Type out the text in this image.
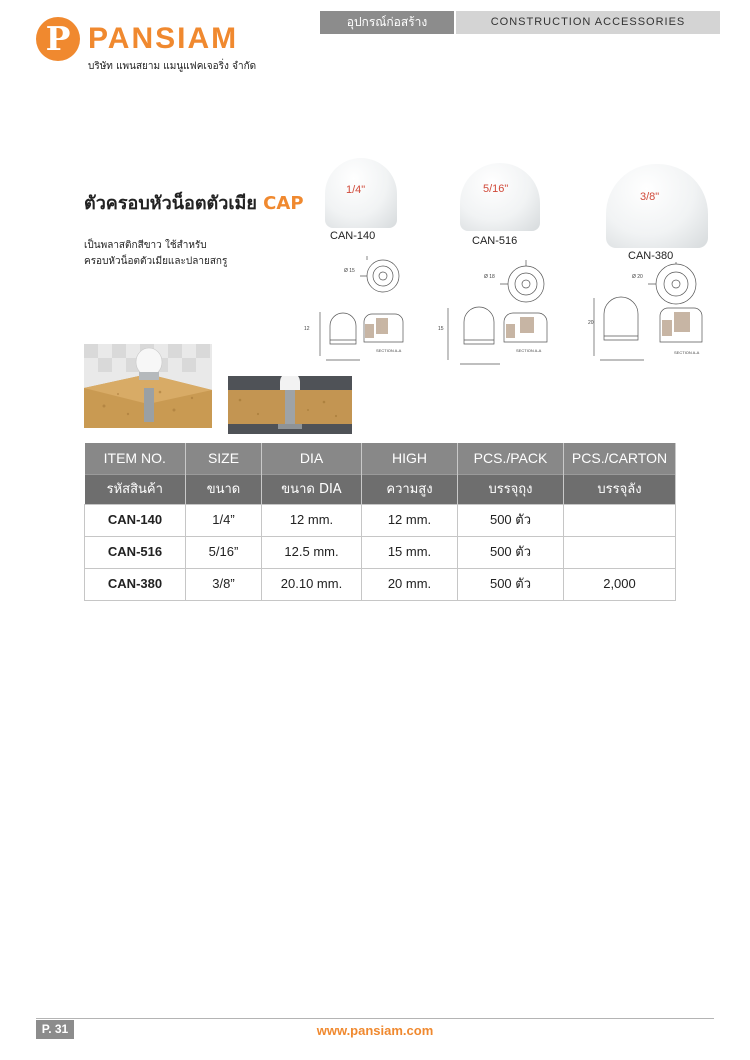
P PANSIAM
บริษัท แพนสยาม แมนูแฟคเจอริ่ง จำกัด
อุปกรณ์ก่อสร้าง	CONSTRUCTION ACCESSORIES
ตัวครอบหัวน็อตตัวเมีย CAP
เป็นพลาสติกสีขาว ใช้สำหรับ
ครอบหัวน็อตตัวเมียและปลายสกรู
1/4"
CAN-140
5/16"
CAN-516
3/8"
CAN-380
Ø 15
12
SECTION A-A
Ø 18
15
SECTION A-A
Ø 20
20
SECTION A-A
ITEM NO.	SIZE	DIA	HIGH	PCS./PACK	PCS./CARTON
รหัสสินค้า	ขนาด	ขนาด DIA	ความสูง	บรรจุถุง	บรรจุลัง
CAN-140	1/4”	12 mm.	12 mm.	500 ตัว	
CAN-516	5/16”	12.5 mm.	15 mm.	500 ตัว	
CAN-380	3/8”	20.10 mm.	20 mm.	500 ตัว	2,000
P. 31	www.pansiam.com
